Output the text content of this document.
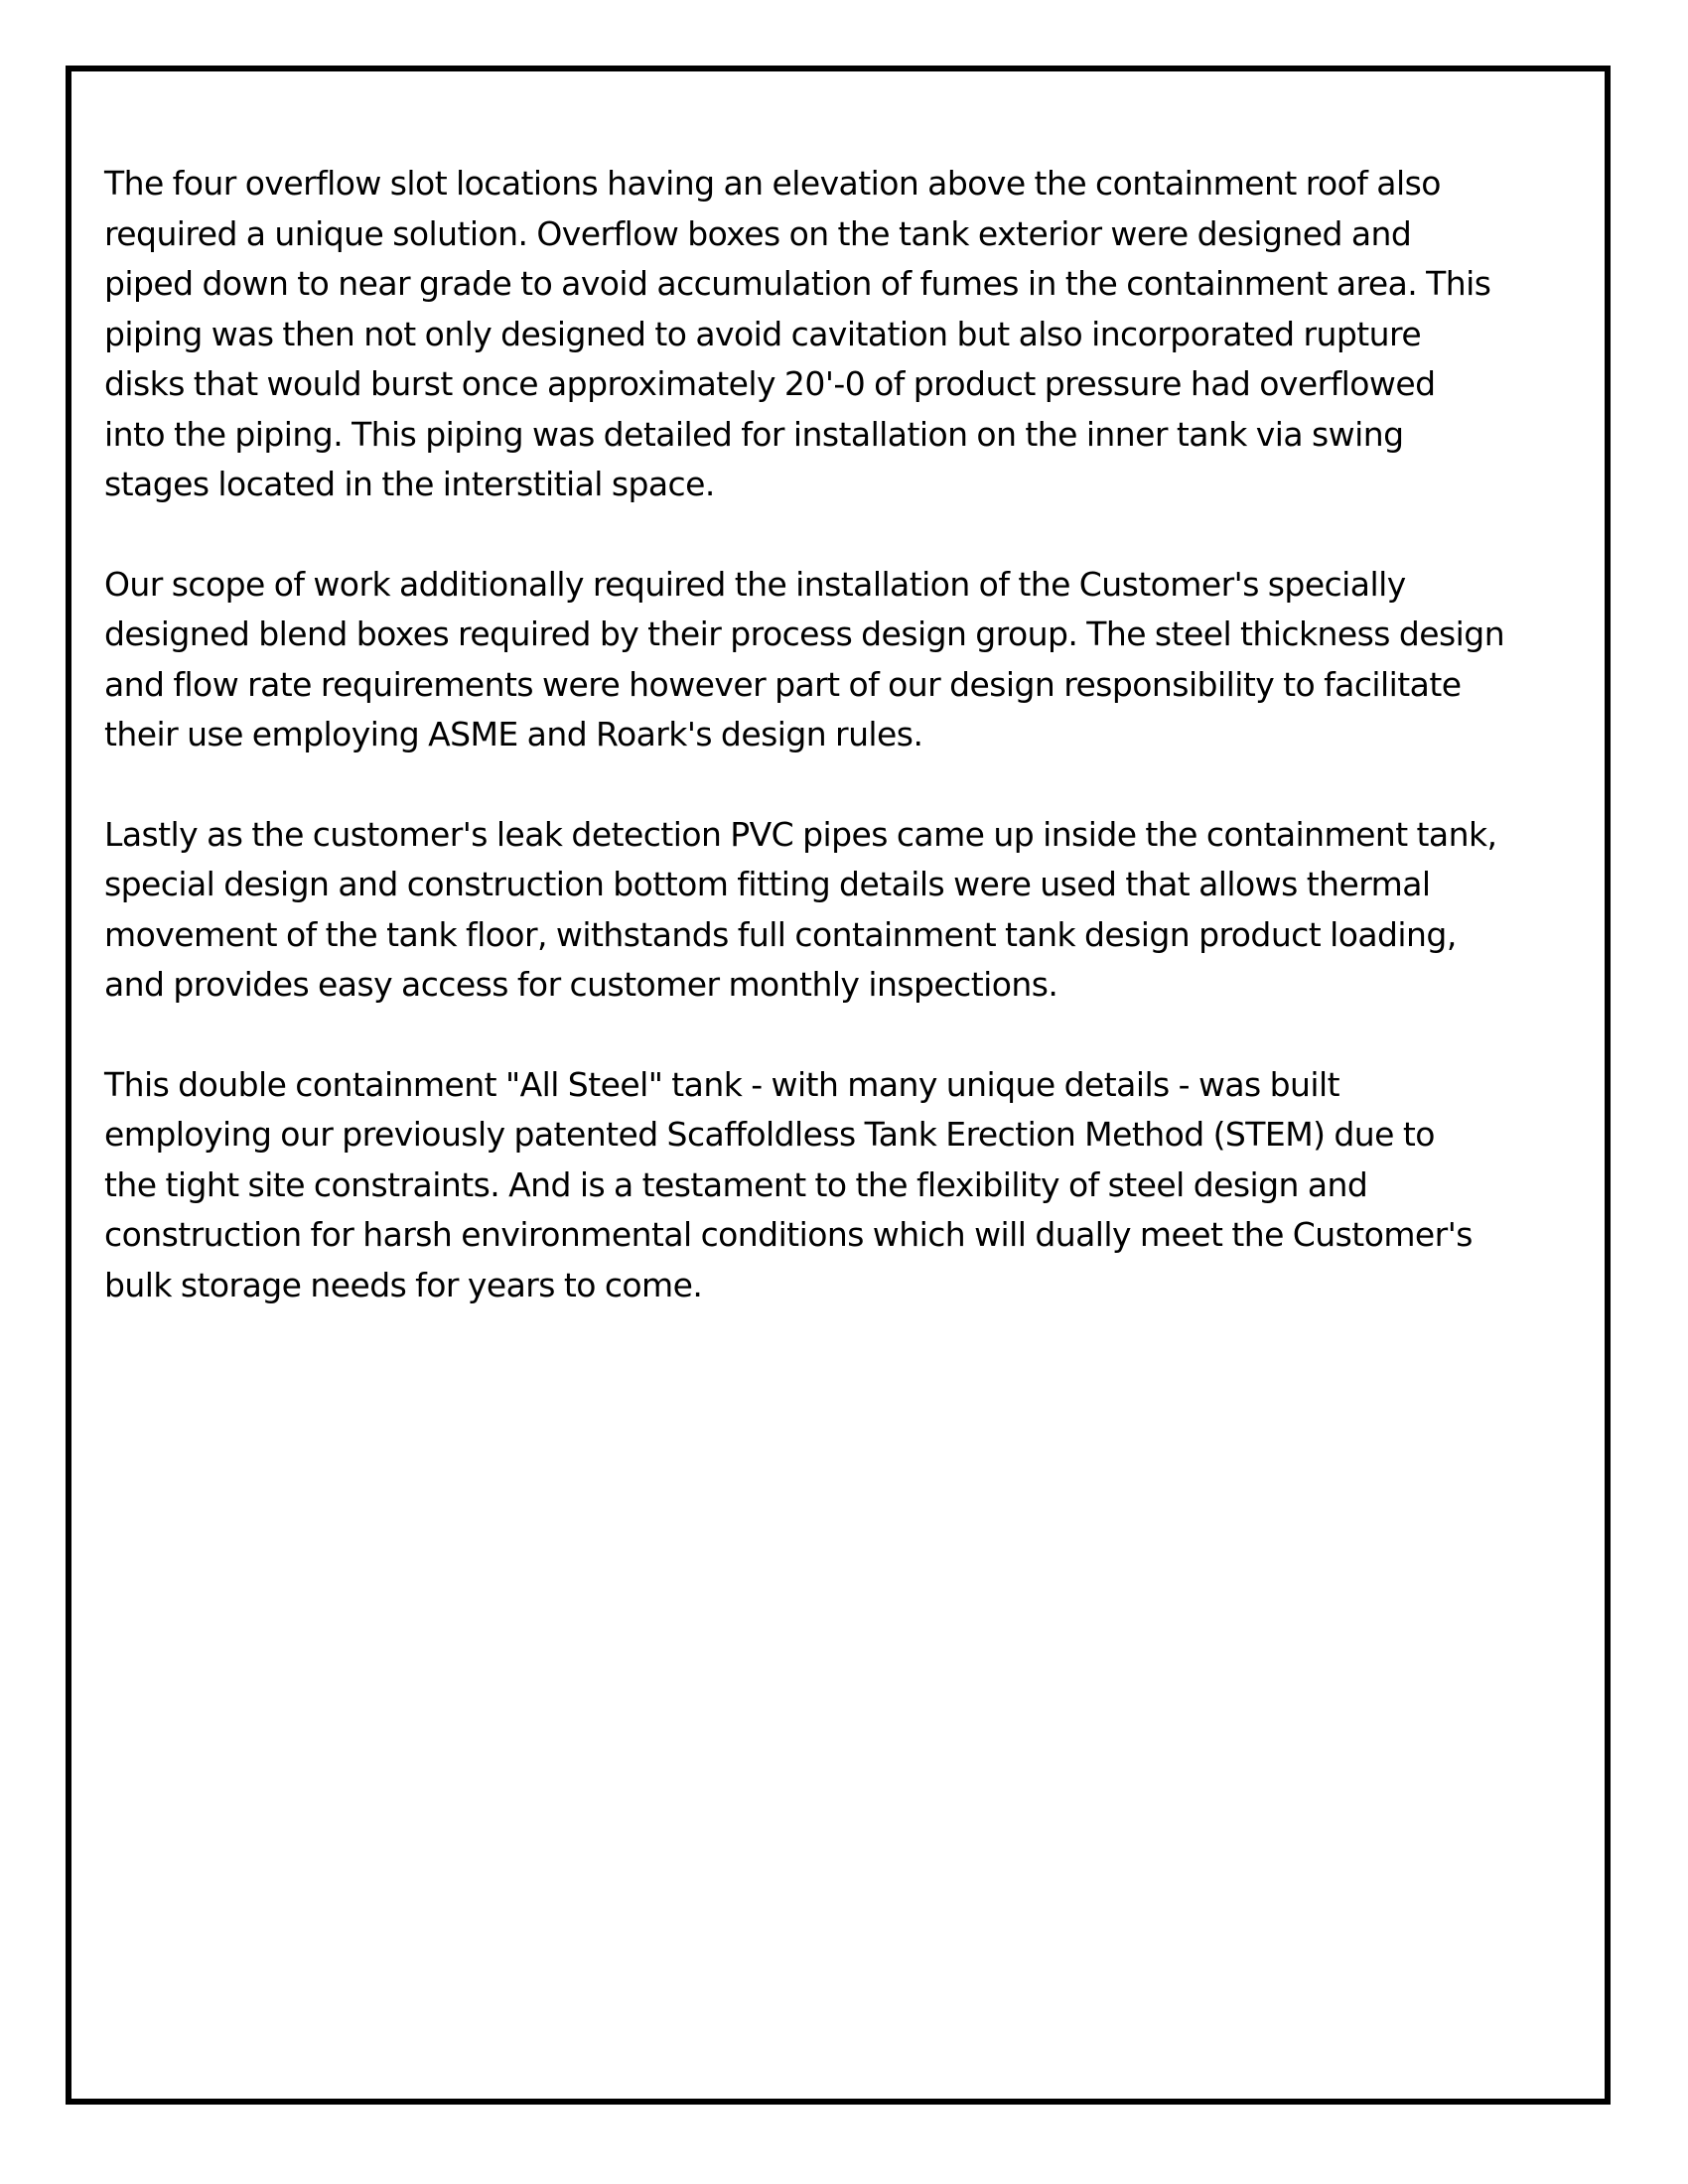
The four overflow slot locations having an elevation above the containment roof also
required a unique solution. Overflow boxes on the tank exterior were designed and
piped down to near grade to avoid accumulation of fumes in the containment area. This
piping was then not only designed to avoid cavitation but also incorporated rupture
disks that would burst once approximately 20'-0 of product pressure had overflowed
into the piping. This piping was detailed for installation on the inner tank via swing
stages located in the interstitial space.

Our scope of work additionally required the installation of the Customer's specially
designed blend boxes required by their process design group. The steel thickness design
and flow rate requirements were however part of our design responsibility to facilitate
their use employing ASME and Roark's design rules.

Lastly as the customer's leak detection PVC pipes came up inside the containment tank,
special design and construction bottom fitting details were used that allows thermal
movement of the tank floor, withstands full containment tank design product loading,
and provides easy access for customer monthly inspections.

This double containment "All Steel" tank - with many unique details - was built
employing our previously patented Scaffoldless Tank Erection Method (STEM) due to
the tight site constraints. And is a testament to the flexibility of steel design and
construction for harsh environmental conditions which will dually meet the Customer's
bulk storage needs for years to come.
